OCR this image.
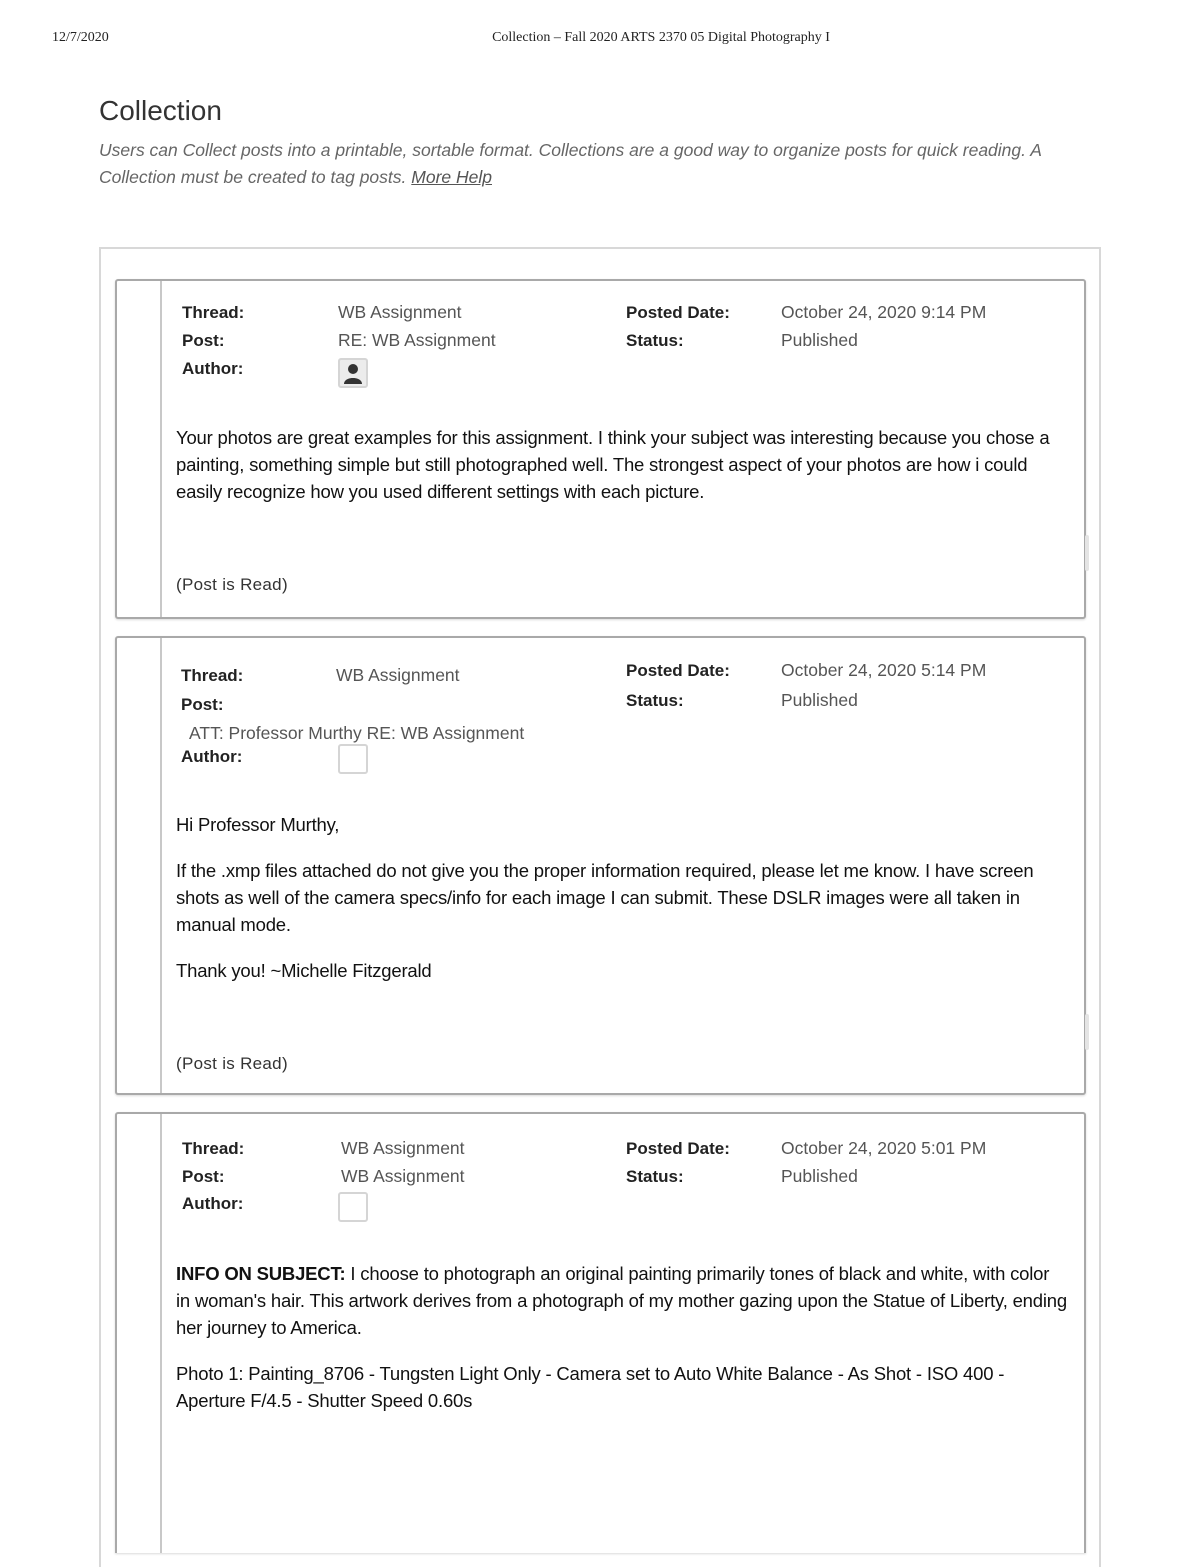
12/7/2020	Collection – Fall 2020 ARTS 2370 05 Digital Photography I
Collection
Users can Collect posts into a printable, sortable format. Collections are a good way to organize posts for quick reading. A Collection must be created to tag posts. More Help
Thread:	WB Assignment
Post:	RE: WB Assignment
Author:
Posted Date:	October 24, 2020 9:14 PM
Status:	Published

Your photos are great examples for this assignment. I think your subject was interesting because you chose a painting, something simple but still photographed well. The strongest aspect of your photos are how i could easily recognize how you used different settings with each picture.

(Post is Read)
Thread:	WB Assignment
Post:
ATT: Professor Murthy RE: WB Assignment
Author:
Posted Date:	October 24, 2020 5:14 PM
Status:	Published

Hi Professor Murthy,

If the .xmp files attached do not give you the proper information required, please let me know. I have screen shots as well of the camera specs/info for each image I can submit. These DSLR images were all taken in manual mode.

Thank you! ~Michelle Fitzgerald

(Post is Read)
Thread:	WB Assignment
Post:	WB Assignment
Author:
Posted Date:	October 24, 2020 5:01 PM
Status:	Published

INFO ON SUBJECT: I choose to photograph an original painting primarily tones of black and white, with color in woman's hair. This artwork derives from a photograph of my mother gazing upon the Statue of Liberty, ending her journey to America.

Photo 1: Painting_8706 - Tungsten Light Only - Camera set to Auto White Balance - As Shot - ISO 400 - Aperture F/4.5 - Shutter Speed 0.60s
